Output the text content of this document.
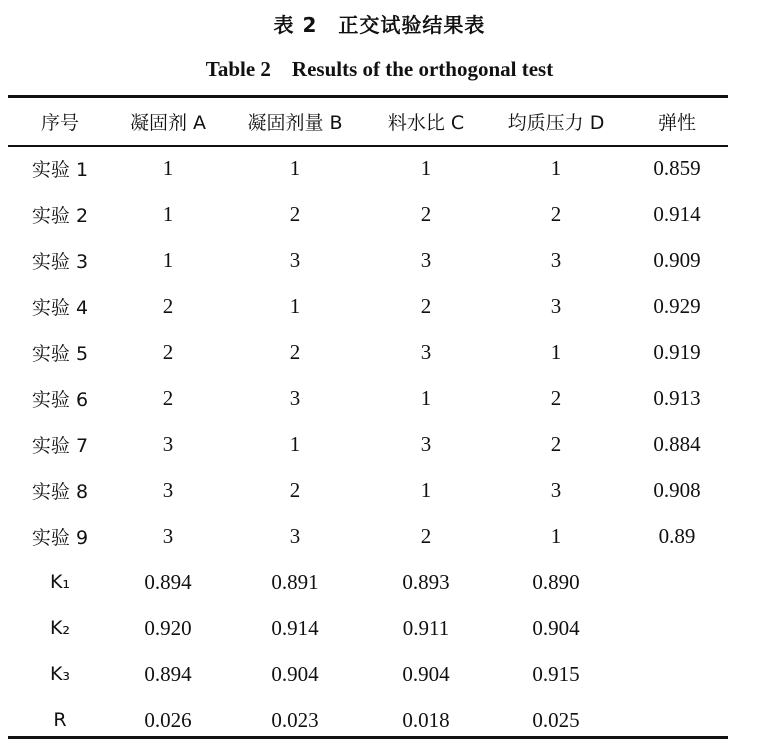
表 2　正交试验结果表
Table 2　Results of the orthogonal test
序号	凝固剂 A	凝固剂量 B	料水比 C	均质压力 D	弹性
实验 1	1	1	1	1	0.859
实验 2	1	2	2	2	0.914
实验 3	1	3	3	3	0.909
实验 4	2	1	2	3	0.929
实验 5	2	2	3	1	0.919
实验 6	2	3	1	2	0.913
实验 7	3	1	3	2	0.884
实验 8	3	2	1	3	0.908
实验 9	3	3	2	1	0.89
K₁	0.894	0.891	0.893	0.890	
K₂	0.920	0.914	0.911	0.904	
K₃	0.894	0.904	0.904	0.915	
R	0.026	0.023	0.018	0.025	
